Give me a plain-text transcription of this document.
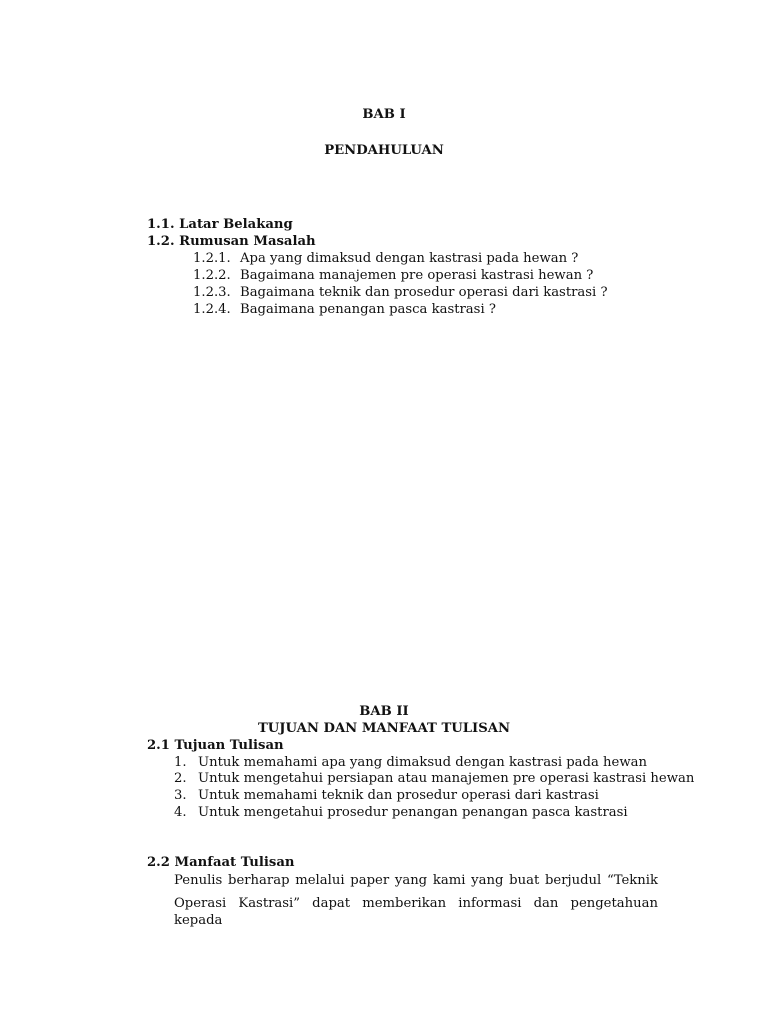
BAB I
PENDAHULUAN
1.1. Latar Belakang
1.2. Rumusan Masalah
1.2.1. Apa yang dimaksud dengan kastrasi pada hewan ?
1.2.2. Bagaimana manajemen pre operasi kastrasi hewan ?
1.2.3. Bagaimana teknik dan prosedur operasi dari kastrasi ?
1.2.4. Bagaimana penangan pasca kastrasi ?
BAB II
TUJUAN DAN MANFAAT TULISAN
2.1 Tujuan Tulisan
1. Untuk memahami apa yang dimaksud dengan kastrasi pada hewan
2. Untuk mengetahui persiapan atau manajemen pre operasi kastrasi hewan
3. Untuk memahami teknik dan prosedur operasi dari kastrasi
4. Untuk mengetahui prosedur penangan penangan pasca kastrasi
2.2 Manfaat Tulisan
Penulis berharap melalui paper yang kami yang buat berjudul “Teknik
Operasi Kastrasi” dapat memberikan informasi dan pengetahuan kepada
